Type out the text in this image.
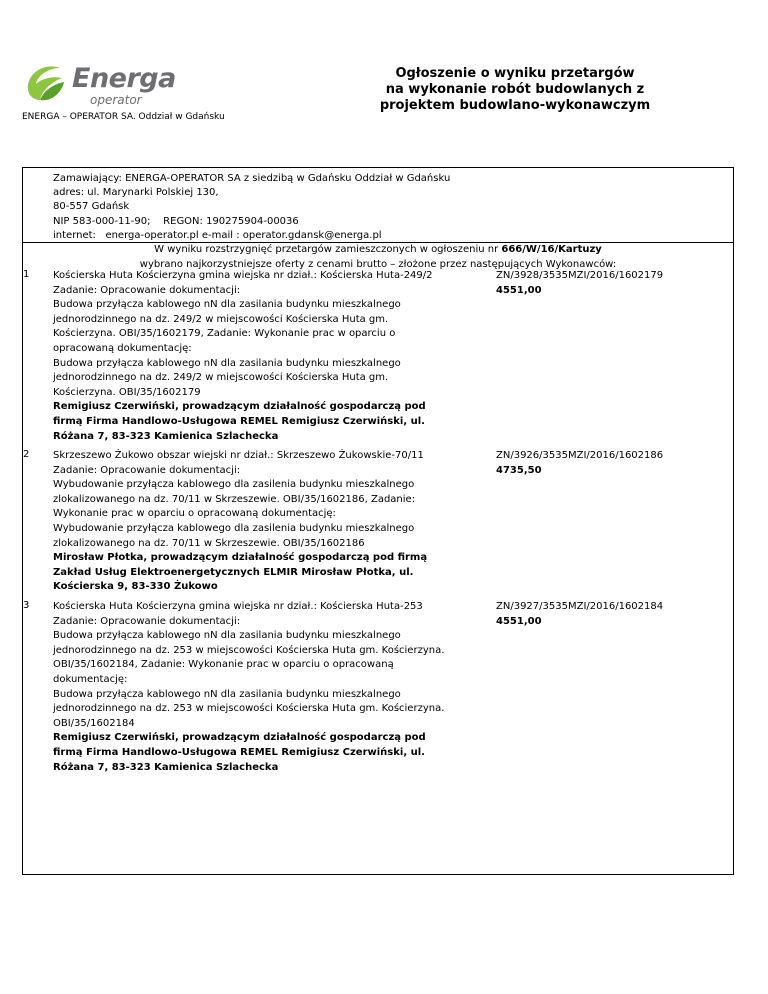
Energa
operator
ENERGA – OPERATOR SA. Oddział w Gdańsku
Ogłoszenie o wyniku przetargów
na wykonanie robót budowlanych z
projektem budowlano-wykonawczym
Zamawiający: ENERGA-OPERATOR SA z siedzibą w Gdańsku Oddział w Gdańsku
adres: ul. Marynarki Polskiej 130,
80-557 Gdańsk
NIP 583-000-11-90;    REGON: 190275904-00036
internet:   energa-operator.pl e-mail : operator.gdansk@energa.pl
W wyniku rozstrzygnięć przetargów zamieszczonych w ogłoszeniu nr 666/W/16/Kartuzy
wybrano najkorzystniejsze oferty z cenami brutto – złożone przez następujących Wykonawców:
1 Kościerska Huta Kościerzyna gmina wiejska nr dział.: Kościerska Huta-249/2
Zadanie: Opracowanie dokumentacji:
Budowa przyłącza kablowego nN dla zasilania budynku mieszkalnego
jednorodzinnego na dz. 249/2 w miejscowości Kościerska Huta gm.
Kościerzyna. OBI/35/1602179, Zadanie: Wykonanie prac w oparciu o
opracowaną dokumentację:
Budowa przyłącza kablowego nN dla zasilania budynku mieszkalnego
jednorodzinnego na dz. 249/2 w miejscowości Kościerska Huta gm.
Kościerzyna. OBI/35/1602179
Remigiusz Czerwiński, prowadzącym działalność gospodarczą pod
firmą Firma Handlowo-Usługowa REMEL Remigiusz Czerwiński, ul.
Różana 7, 83-323 Kamienica Szlachecka
ZN/3928/3535MZI/2016/1602179
4551,00
2 Skrzeszewo Żukowo obszar wiejski nr dział.: Skrzeszewo Żukowskie-70/11
Zadanie: Opracowanie dokumentacji:
Wybudowanie przyłącza kablowego dla zasilenia budynku mieszkalnego
zlokalizowanego na dz. 70/11 w Skrzeszewie. OBI/35/1602186, Zadanie:
Wykonanie prac w oparciu o opracowaną dokumentację:
Wybudowanie przyłącza kablowego dla zasilenia budynku mieszkalnego
zlokalizowanego na dz. 70/11 w Skrzeszewie. OBI/35/1602186
Mirosław Płotka, prowadzącym działalność gospodarczą pod firmą
Zakład Usług Elektroenergetycznych ELMIR Mirosław Płotka, ul.
Kościerska 9, 83-330 Żukowo
ZN/3926/3535MZI/2016/1602186
4735,50
3 Kościerska Huta Kościerzyna gmina wiejska nr dział.: Kościerska Huta-253
Zadanie: Opracowanie dokumentacji:
Budowa przyłącza kablowego nN dla zasilania budynku mieszkalnego
jednorodzinnego na dz. 253 w miejscowości Kościerska Huta gm. Kościerzyna.
OBI/35/1602184, Zadanie: Wykonanie prac w oparciu o opracowaną
dokumentację:
Budowa przyłącza kablowego nN dla zasilania budynku mieszkalnego
jednorodzinnego na dz. 253 w miejscowości Kościerska Huta gm. Kościerzyna.
OBI/35/1602184
Remigiusz Czerwiński, prowadzącym działalność gospodarczą pod
firmą Firma Handlowo-Usługowa REMEL Remigiusz Czerwiński, ul.
Różana 7, 83-323 Kamienica Szlachecka
ZN/3927/3535MZI/2016/1602184
4551,00
